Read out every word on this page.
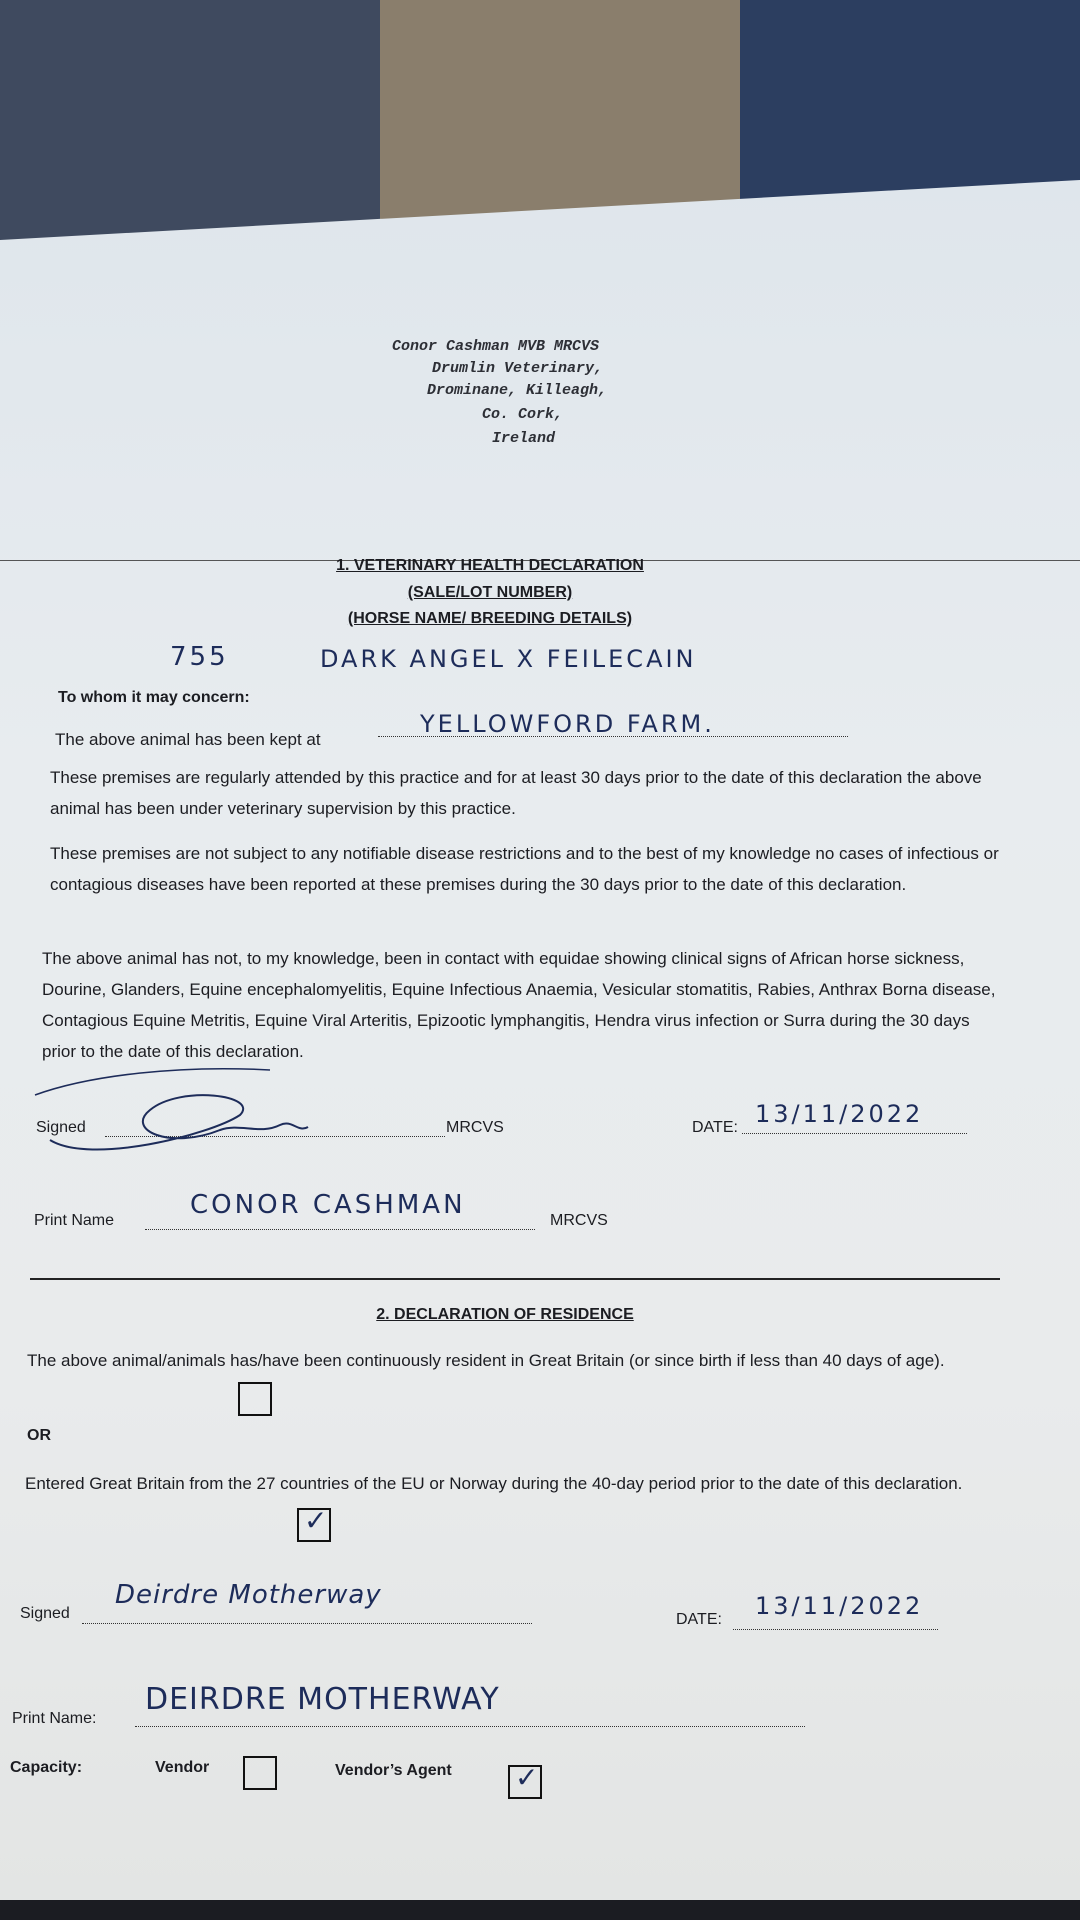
Conor Cashman MVB MRCVS
Drumlin Veterinary,
Drominane, Killeagh,
Co. Cork,
Ireland
1. VETERINARY HEALTH DECLARATION
(SALE/LOT NUMBER)
(HORSE NAME/ BREEDING DETAILS)
755	DARK ANGEL X FEILECAIN
To whom it may concern:
The above animal has been kept at
YELLOWFORD FARM.
These premises are regularly attended by this practice and for at least 30 days prior to the date of this declaration the above animal has been under veterinary supervision by this practice.
These premises are not subject to any notifiable disease restrictions and to the best of my knowledge no cases of infectious or contagious diseases have been reported at these premises during the 30 days prior to the date of this declaration.
The above animal has not, to my knowledge, been in contact with equidae showing clinical signs of African horse sickness, Dourine, Glanders, Equine encephalomyelitis, Equine Infectious Anaemia, Vesicular stomatitis, Rabies, Anthrax Borna disease, Contagious Equine Metritis, Equine Viral Arteritis, Epizootic lymphangitis, Hendra virus infection or Surra during the 30 days prior to the date of this declaration.
Signed	MRCVS	DATE: 13/11/2022
Print Name
CONOR CASHMAN
MRCVS
2. DECLARATION OF RESIDENCE
The above animal/animals has/have been continuously resident in Great Britain (or since birth if less than 40 days of age).
OR
Entered Great Britain from the 27 countries of the EU or Norway during the 40-day period prior to the date of this declaration.
✓
Signed
Deirdre Motherway
DATE: 13/11/2022
Print Name:
DEIRDRE MOTHERWAY
Capacity:	Vendor	Vendor’s Agent ✓
